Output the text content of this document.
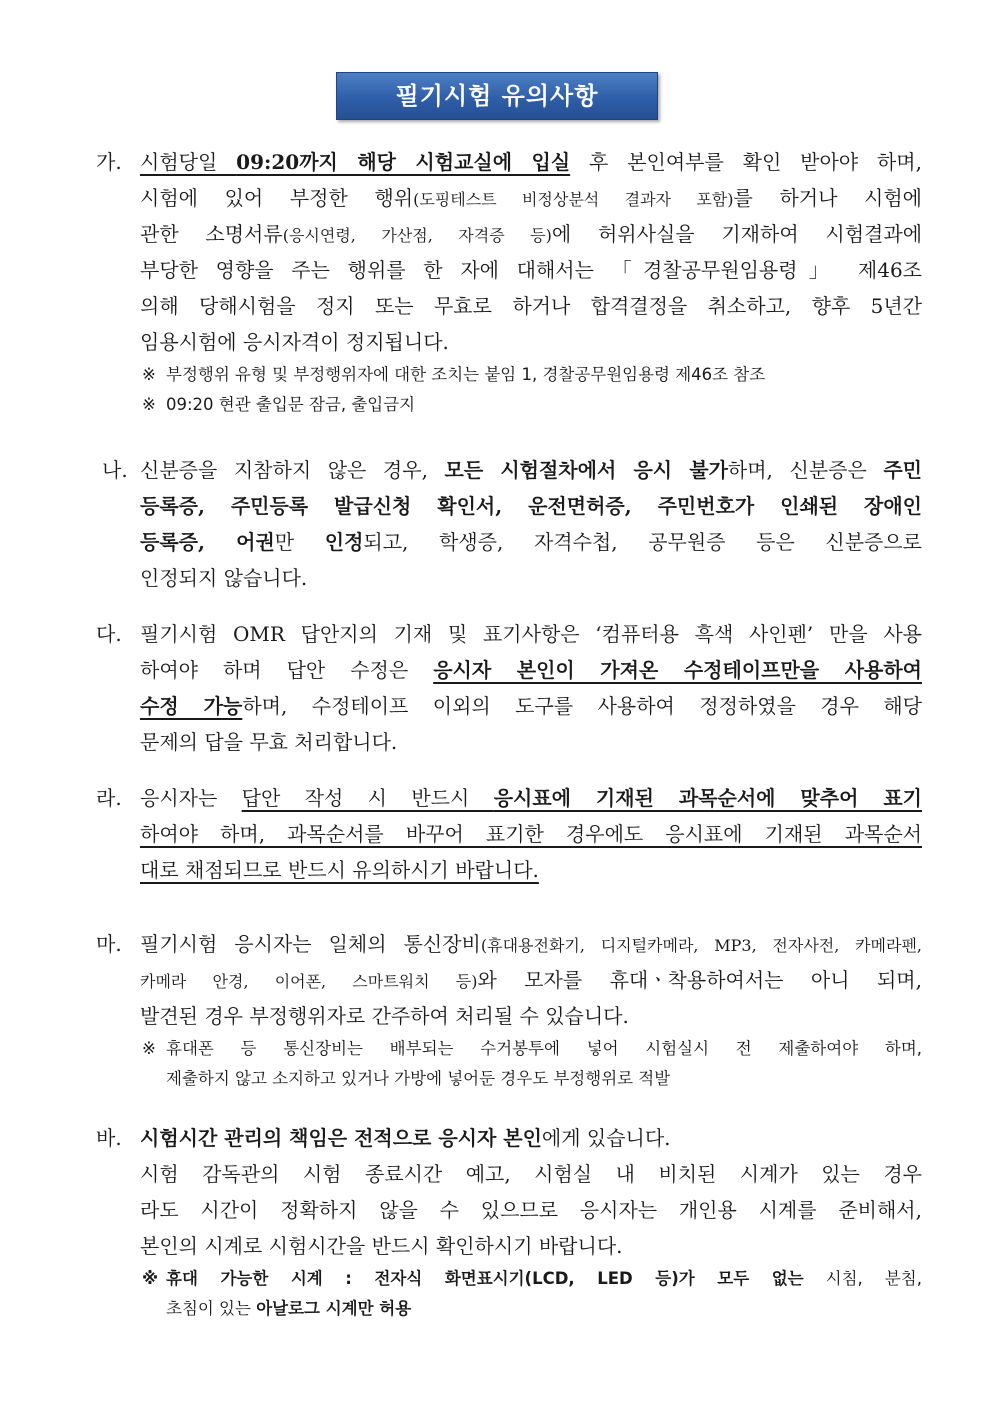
필기시험 유의사항
가. 시험당일 09:20까지 해당 시험교실에 입실 후 본인여부를 확인 받아야 하며,
시험에 있어 부정한 행위(도핑테스트 비정상분석 결과자 포함)를 하거나 시험에
관한 소명서류(응시연령, 가산점, 자격증 등)에 허위사실을 기재하여 시험결과에
부당한 영향을 주는 행위를 한 자에 대해서는 「경찰공무원임용령」 제46조
의해 당해시험을 정지 또는 무효로 하거나 합격결정을 취소하고, 향후 5년간
임용시험에 응시자격이 정지됩니다.
※ 부정행위 유형 및 부정행위자에 대한 조치는 붙임 1, 경찰공무원임용령 제46조 참조
※ 09:20 현관 출입문 잠금, 출입금지
나. 신분증을 지참하지 않은 경우, 모든 시험절차에서 응시 불가하며, 신분증은 주민
등록증, 주민등록 발급신청 확인서, 운전면허증, 주민번호가 인쇄된 장애인
등록증, 어권만 인정되고, 학생증, 자격수첩, 공무원증 등은 신분증으로
인정되지 않습니다.
다. 필기시험 OMR 답안지의 기재 및 표기사항은 ‘컴퓨터용 흑색 사인펜’ 만을 사용
하여야 하며 답안 수정은 응시자 본인이 가져온 수정테이프만을 사용하여
수정 가능하며, 수정테이프 이외의 도구를 사용하여 정정하였을 경우 해당
문제의 답을 무효 처리합니다.
라. 응시자는 답안 작성 시 반드시 응시표에 기재된 과목순서에 맞추어 표기
하여야 하며, 과목순서를 바꾸어 표기한 경우에도 응시표에 기재된 과목순서
대로 채점되므로 반드시 유의하시기 바랍니다.
마. 필기시험 응시자는 일체의 통신장비(휴대용전화기, 디지털카메라, MP3, 전자사전, 카메라펜,
카메라 안경, 이어폰, 스마트워치 등)와 모자를 휴대ㆍ착용하여서는 아니 되며,
발견된 경우 부정행위자로 간주하여 처리될 수 있습니다.
※ 휴대폰 등 통신장비는 배부되는 수거봉투에 넣어 시험실시 전 제출하여야 하며,
제출하지 않고 소지하고 있거나 가방에 넣어둔 경우도 부정행위로 적발
바. 시험시간 관리의 책임은 전적으로 응시자 본인에게 있습니다.
시험 감독관의 시험 종료시간 예고, 시험실 내 비치된 시계가 있는 경우
라도 시간이 정확하지 않을 수 있으므로 응시자는 개인용 시계를 준비해서,
본인의 시계로 시험시간을 반드시 확인하시기 바랍니다.
※ 휴대 가능한 시계 : 전자식 화면표시기(LCD, LED 등)가 모두 없는 시침, 분침,
초침이 있는 아날로그 시계만 허용
